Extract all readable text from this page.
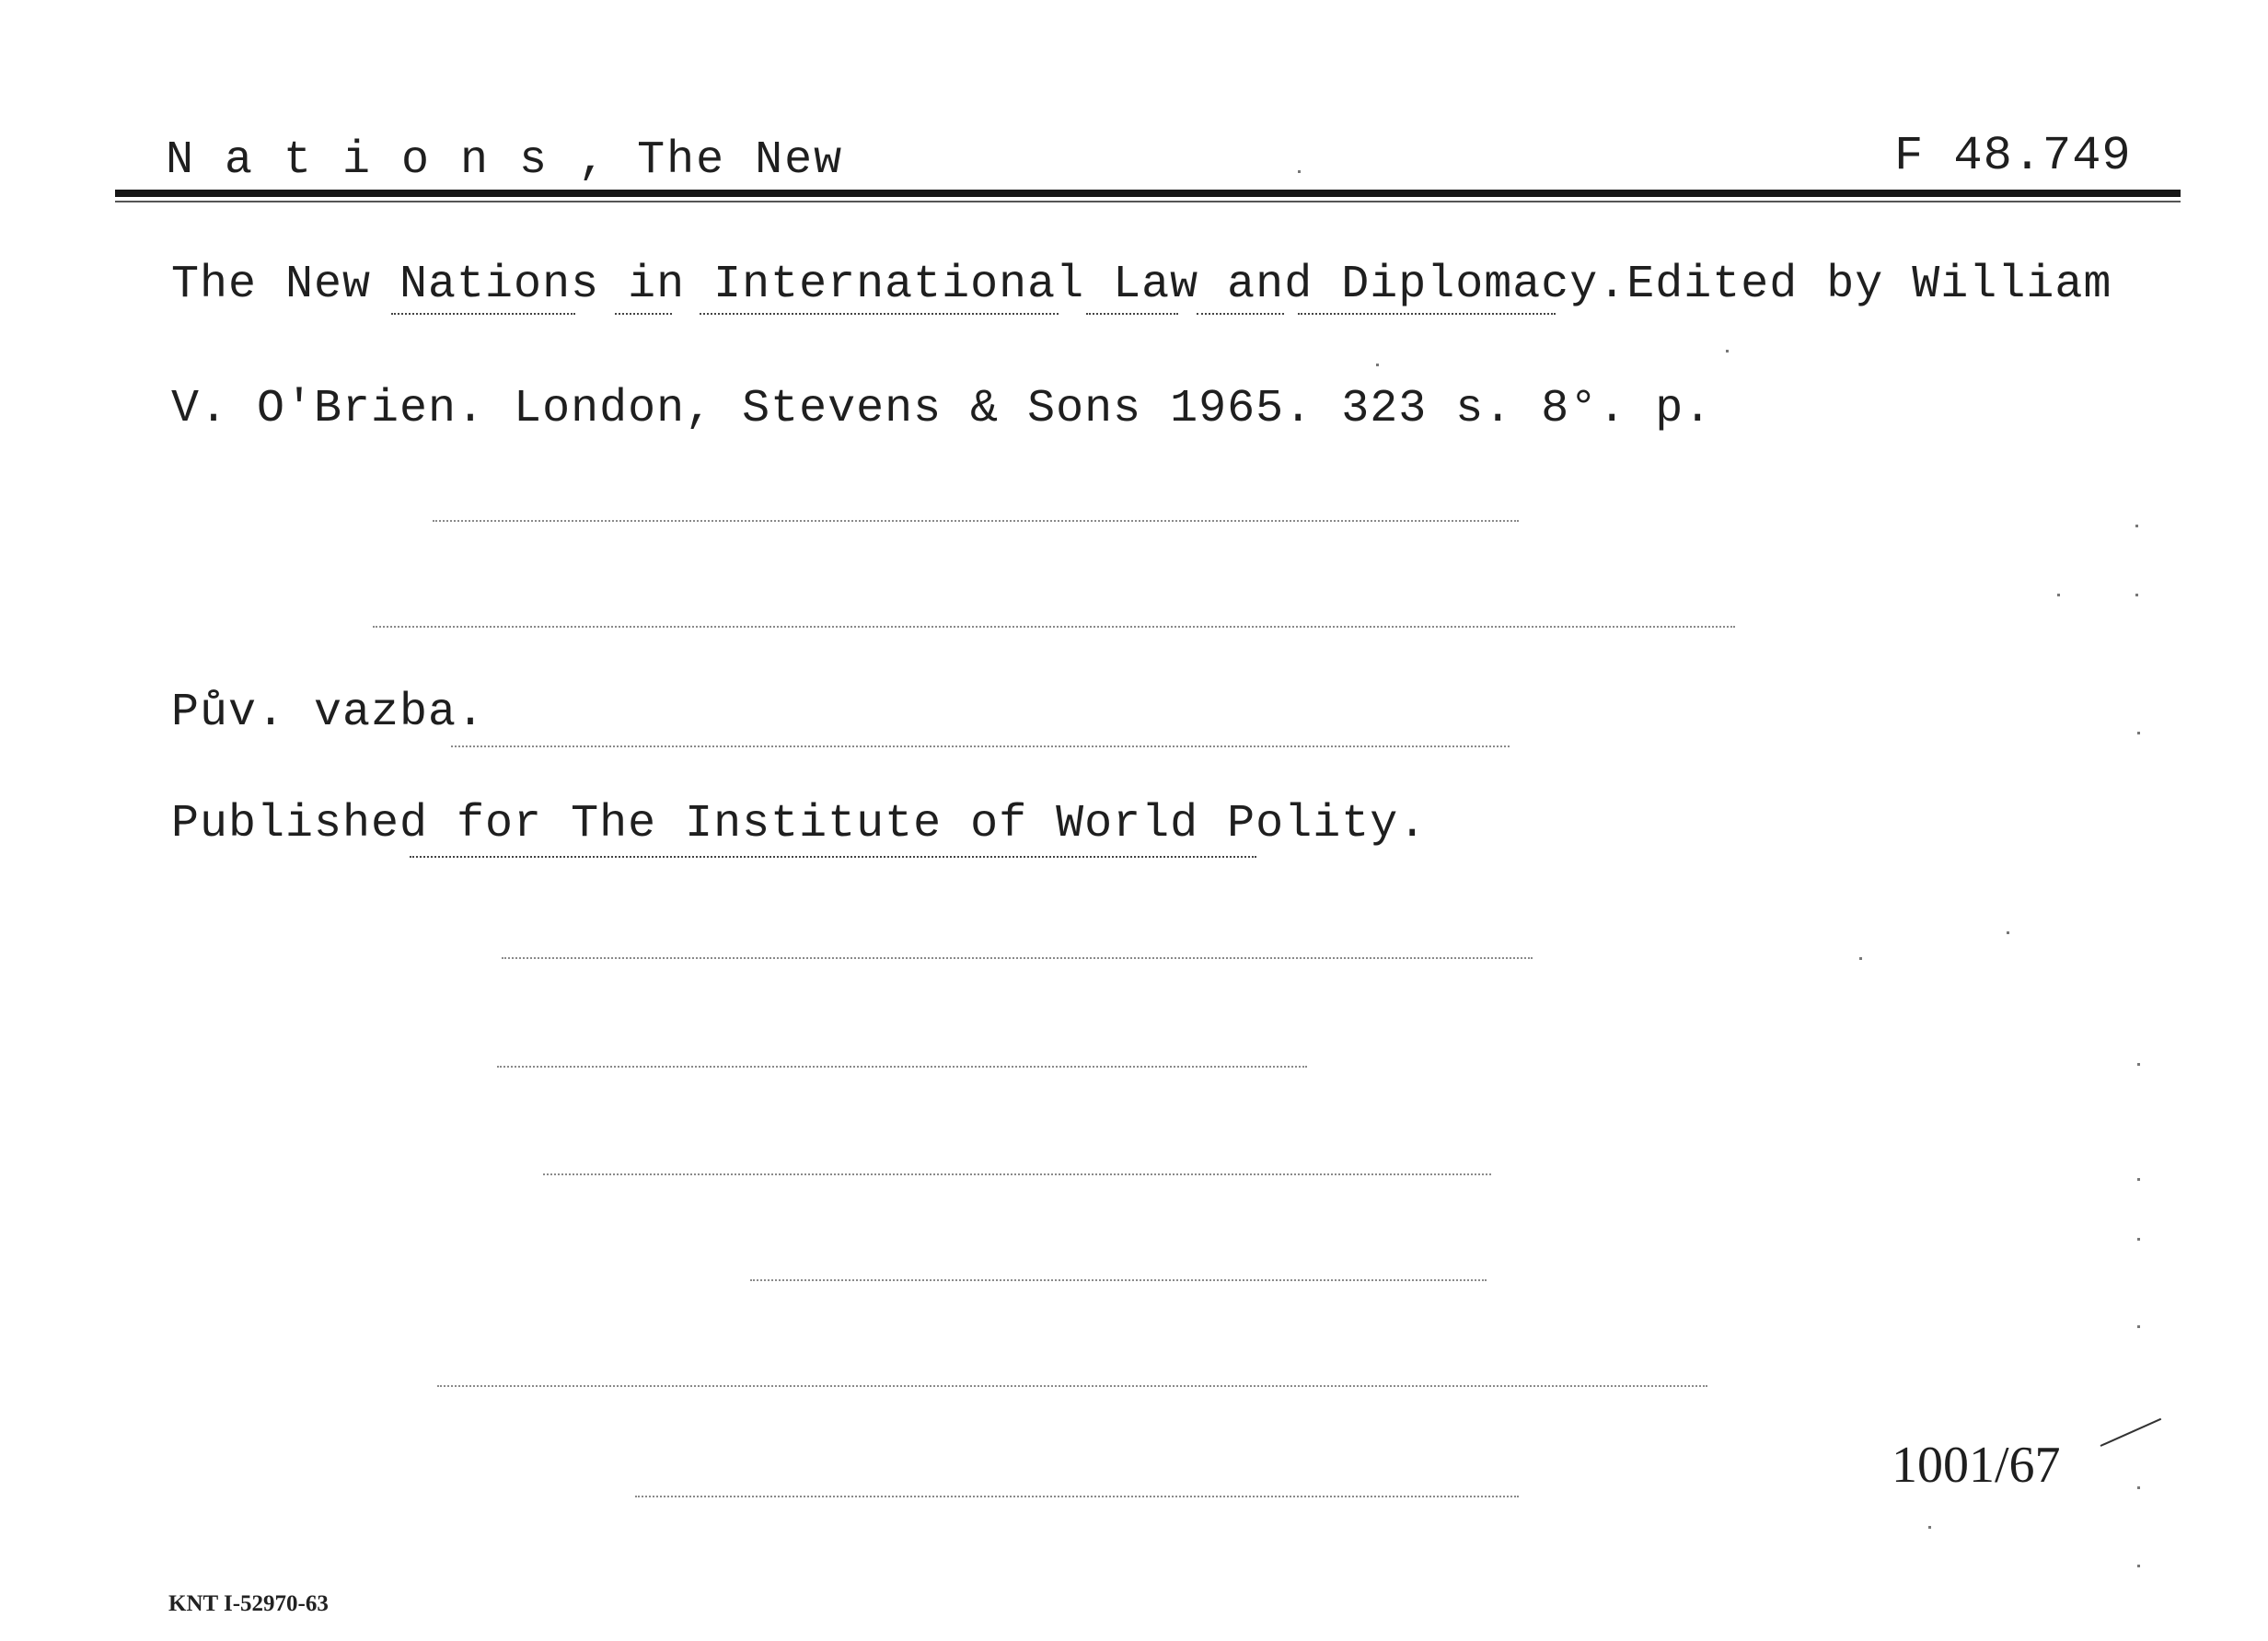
N a t i o n s , The New	F 48.749
The New Nations in International Law and Diplomacy.Edited by William
V. O'Brien. London, Stevens & Sons 1965. 323 s. 8°. p.
Pův. vazba.
Published for The Institute of World Polity.
1001/67
KNT I-52970-63
